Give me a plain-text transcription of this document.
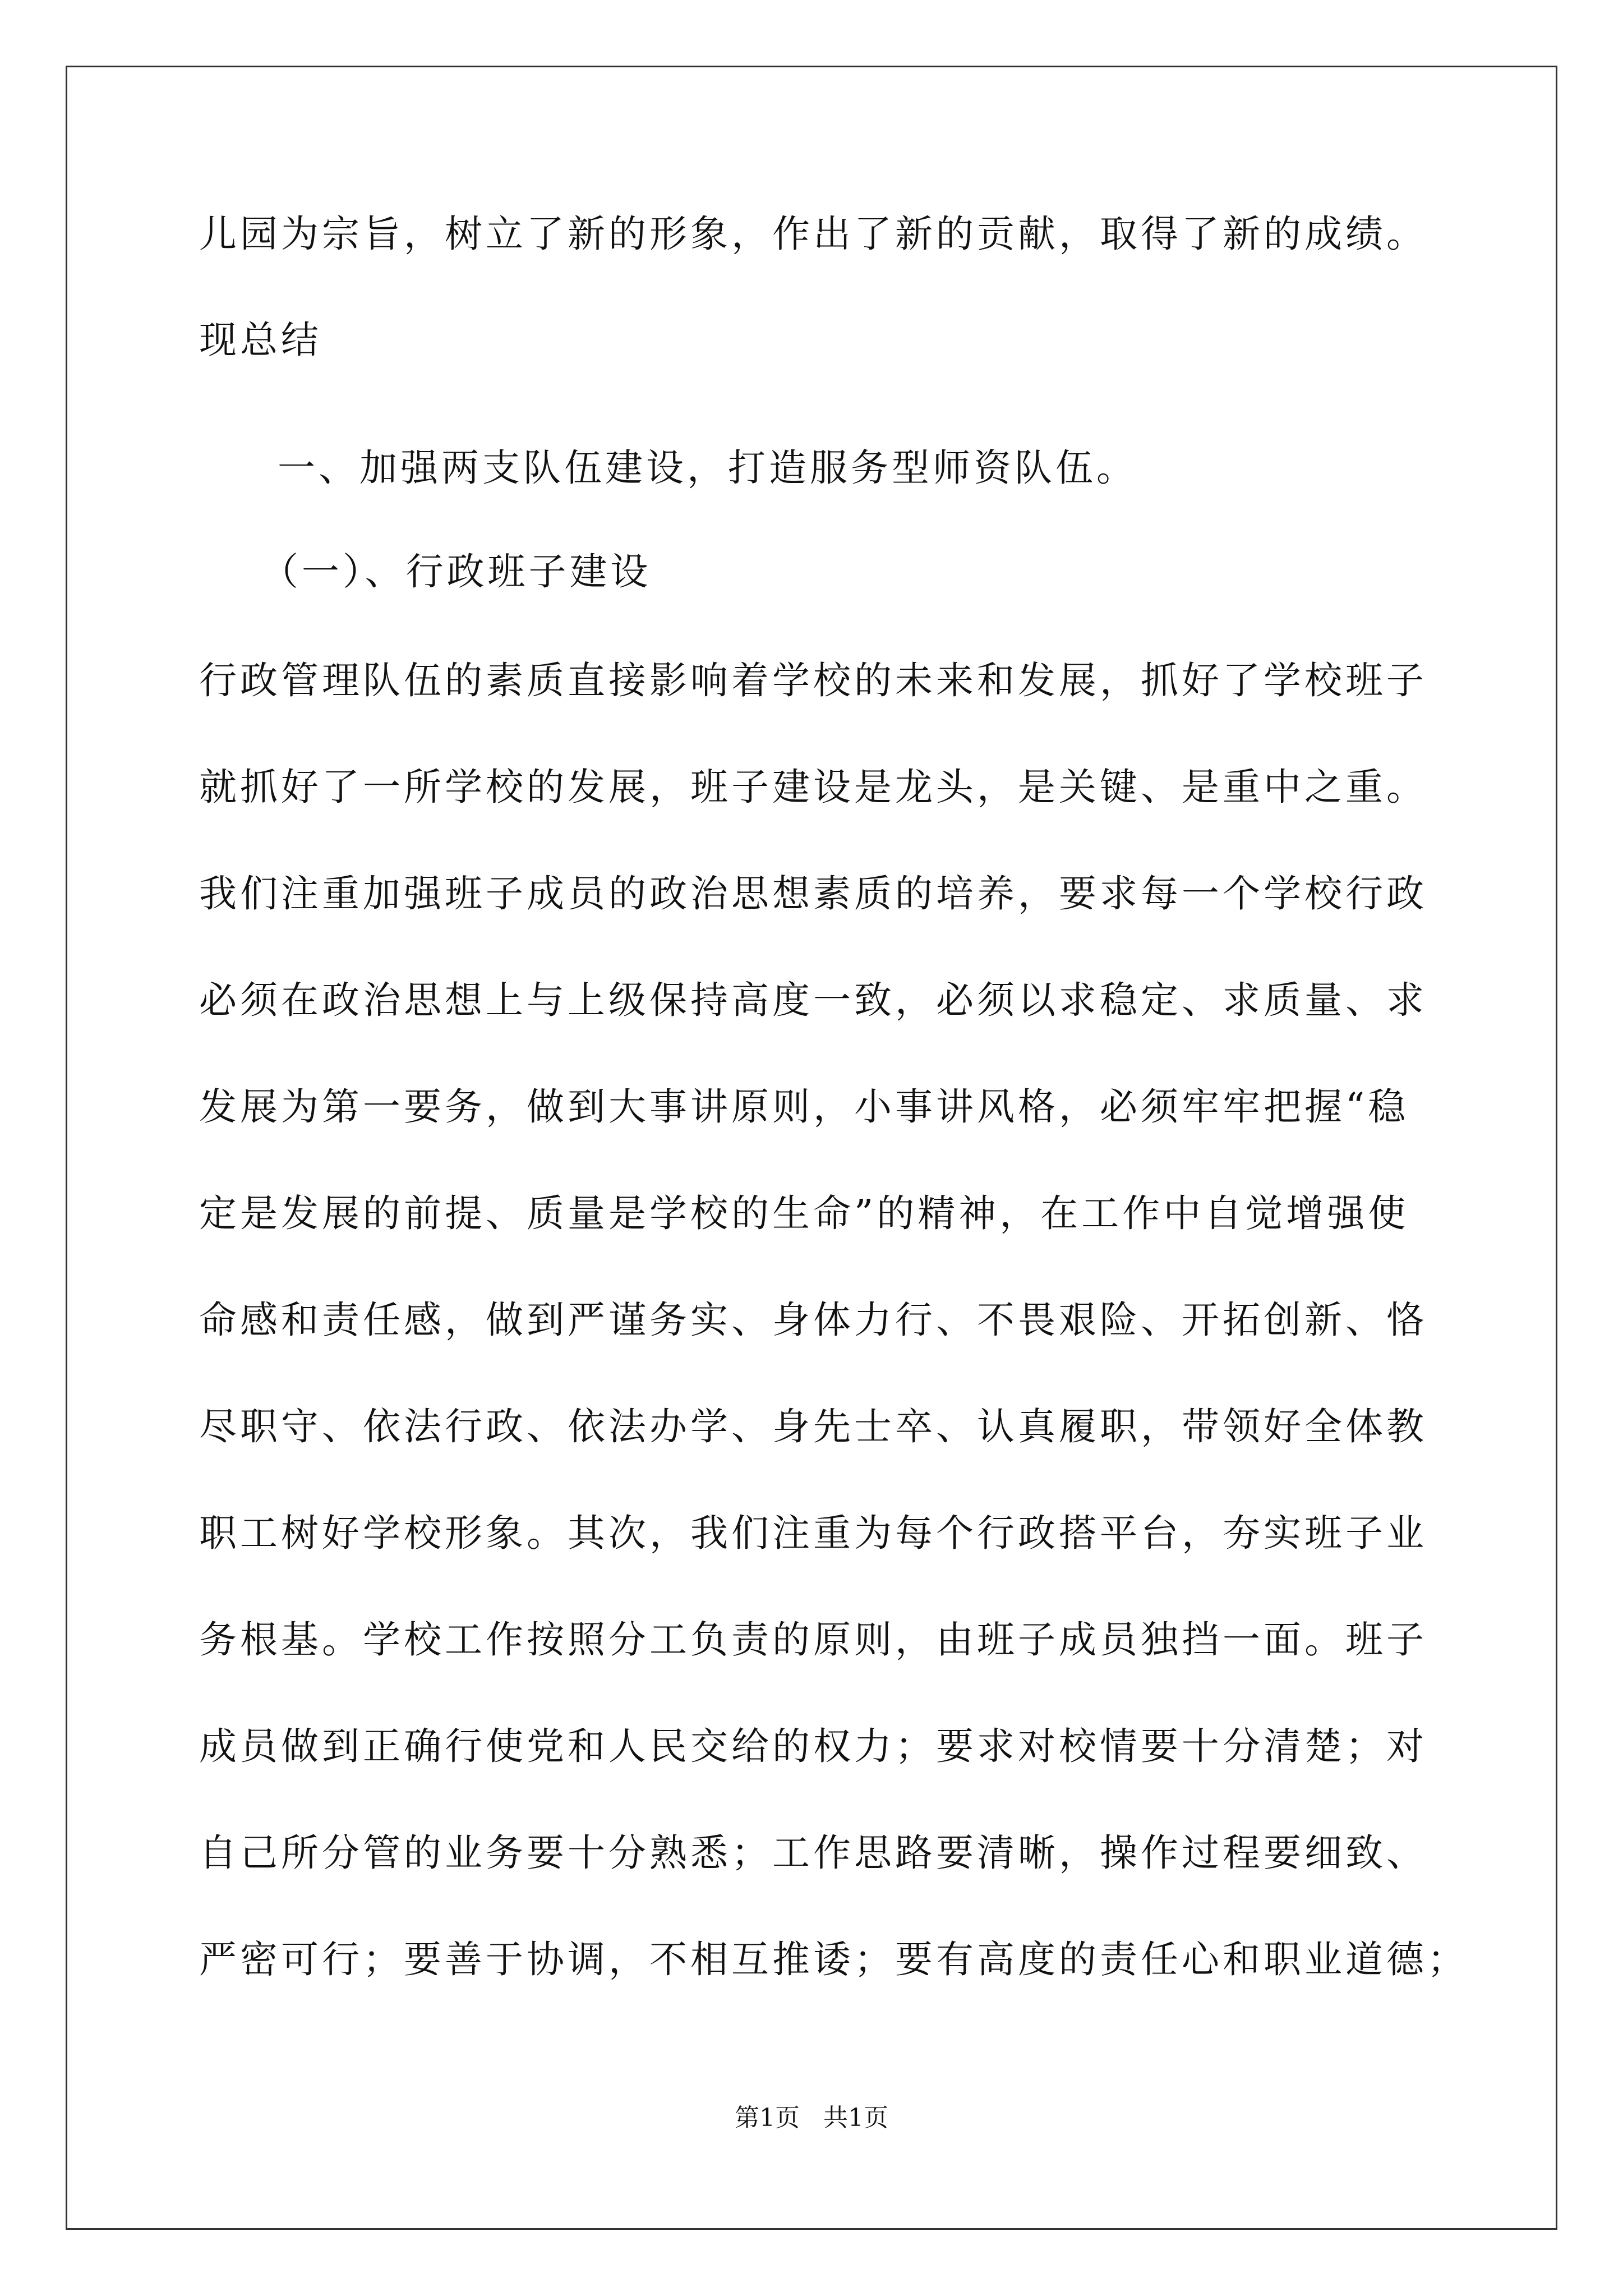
儿园为宗旨，树立了新的形象，作出了新的贡献，取得了新的成绩。
现总结
一、加强两支队伍建设，打造服务型师资队伍。
（一）、行政班子建设
行政管理队伍的素质直接影响着学校的未来和发展，抓好了学校班子
就抓好了一所学校的发展，班子建设是龙头，是关键、是重中之重。
我们注重加强班子成员的政治思想素质的培养，要求每一个学校行政
必须在政治思想上与上级保持高度一致，必须以求稳定、求质量、求
发展为第一要务，做到大事讲原则，小事讲风格，必须牢牢把握“稳
定是发展的前提、质量是学校的生命”的精神，在工作中自觉增强使
命感和责任感，做到严谨务实、身体力行、不畏艰险、开拓创新、恪
尽职守、依法行政、依法办学、身先士卒、认真履职，带领好全体教
职工树好学校形象。其次，我们注重为每个行政搭平台，夯实班子业
务根基。学校工作按照分工负责的原则，由班子成员独挡一面。班子
成员做到正确行使党和人民交给的权力；要求对校情要十分清楚；对
自己所分管的业务要十分熟悉；工作思路要清晰，操作过程要细致、
严密可行；要善于协调，不相互推诿；要有高度的责任心和职业道德；
第1页   共1页
